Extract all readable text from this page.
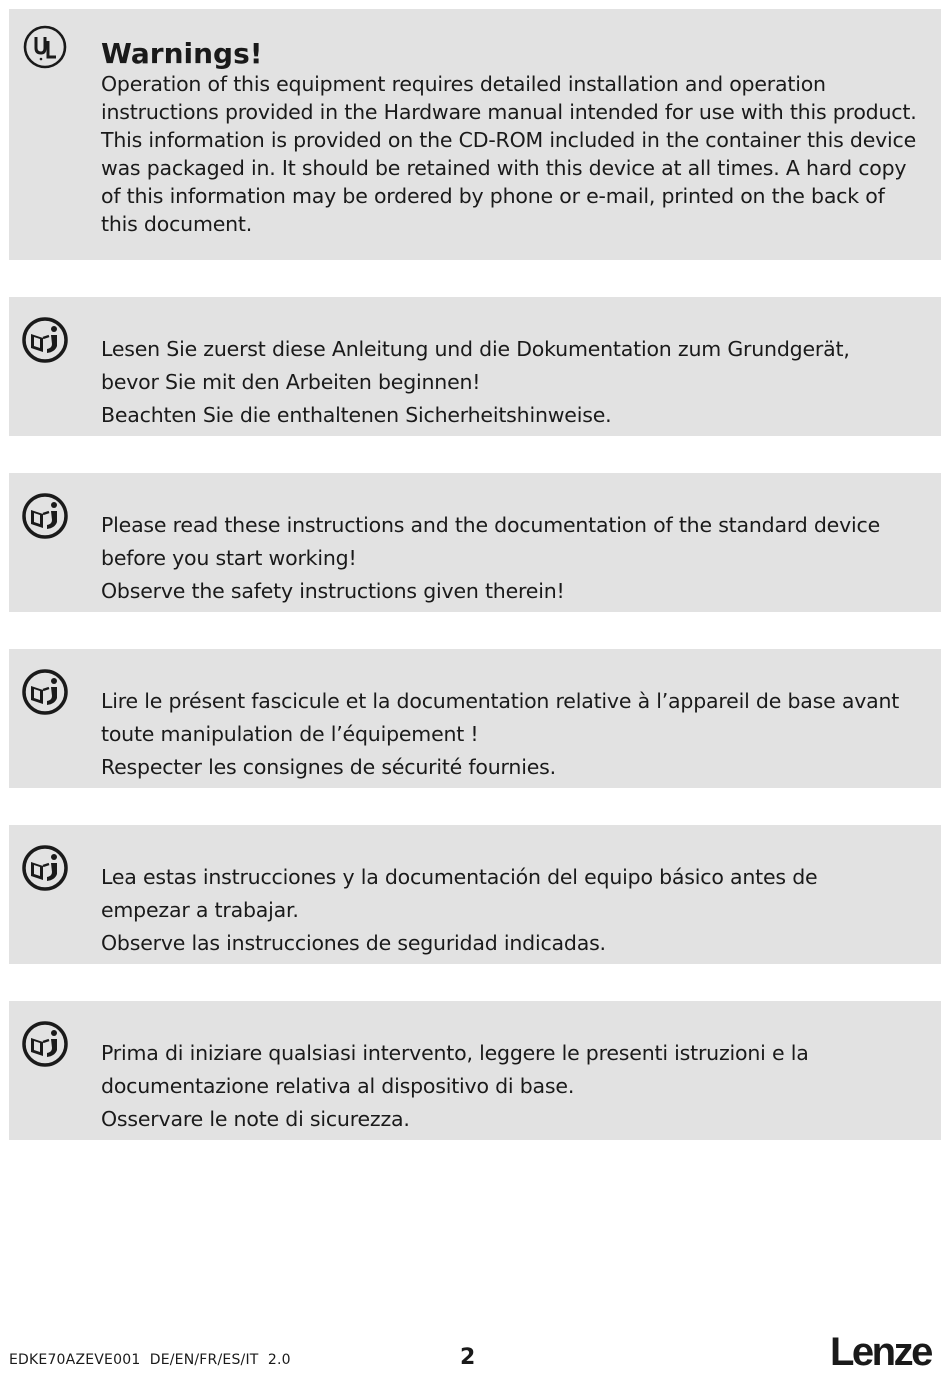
Warnings!

Operation of this equipment requires detailed installation and operation instructions provided in the Hardware manual intended for use with this product. This information is provided on the CD-ROM included in the container this device was packaged in. It should be retained with this device at all times. A hard copy of this information may be ordered by phone or e-mail, printed on the back of this document.

Lesen Sie zuerst diese Anleitung und die Dokumentation zum Grundgerät,

bevor Sie mit den Arbeiten beginnen!

Beachten Sie die enthaltenen Sicherheitshinweise.

Please read these instructions and the documentation of the standard device

before you start working!

Observe the safety instructions given therein!

Lire le présent fascicule et la documentation relative à l’appareil de base avant

toute manipulation de l’équipement !

Respecter les consignes de sécurité fournies.

Lea estas instrucciones y la documentación del equipo básico antes de

empezar a trabajar.

Observe las instrucciones de seguridad indicadas.

Prima di iniziare qualsiasi intervento, leggere le presenti istruzioni e la

documentazione relativa al dispositivo di base.

Osservare le note di sicurezza.

EDKE70AZEVE001  DE/EN/FR/ES/IT  2.0	2	Lenze
